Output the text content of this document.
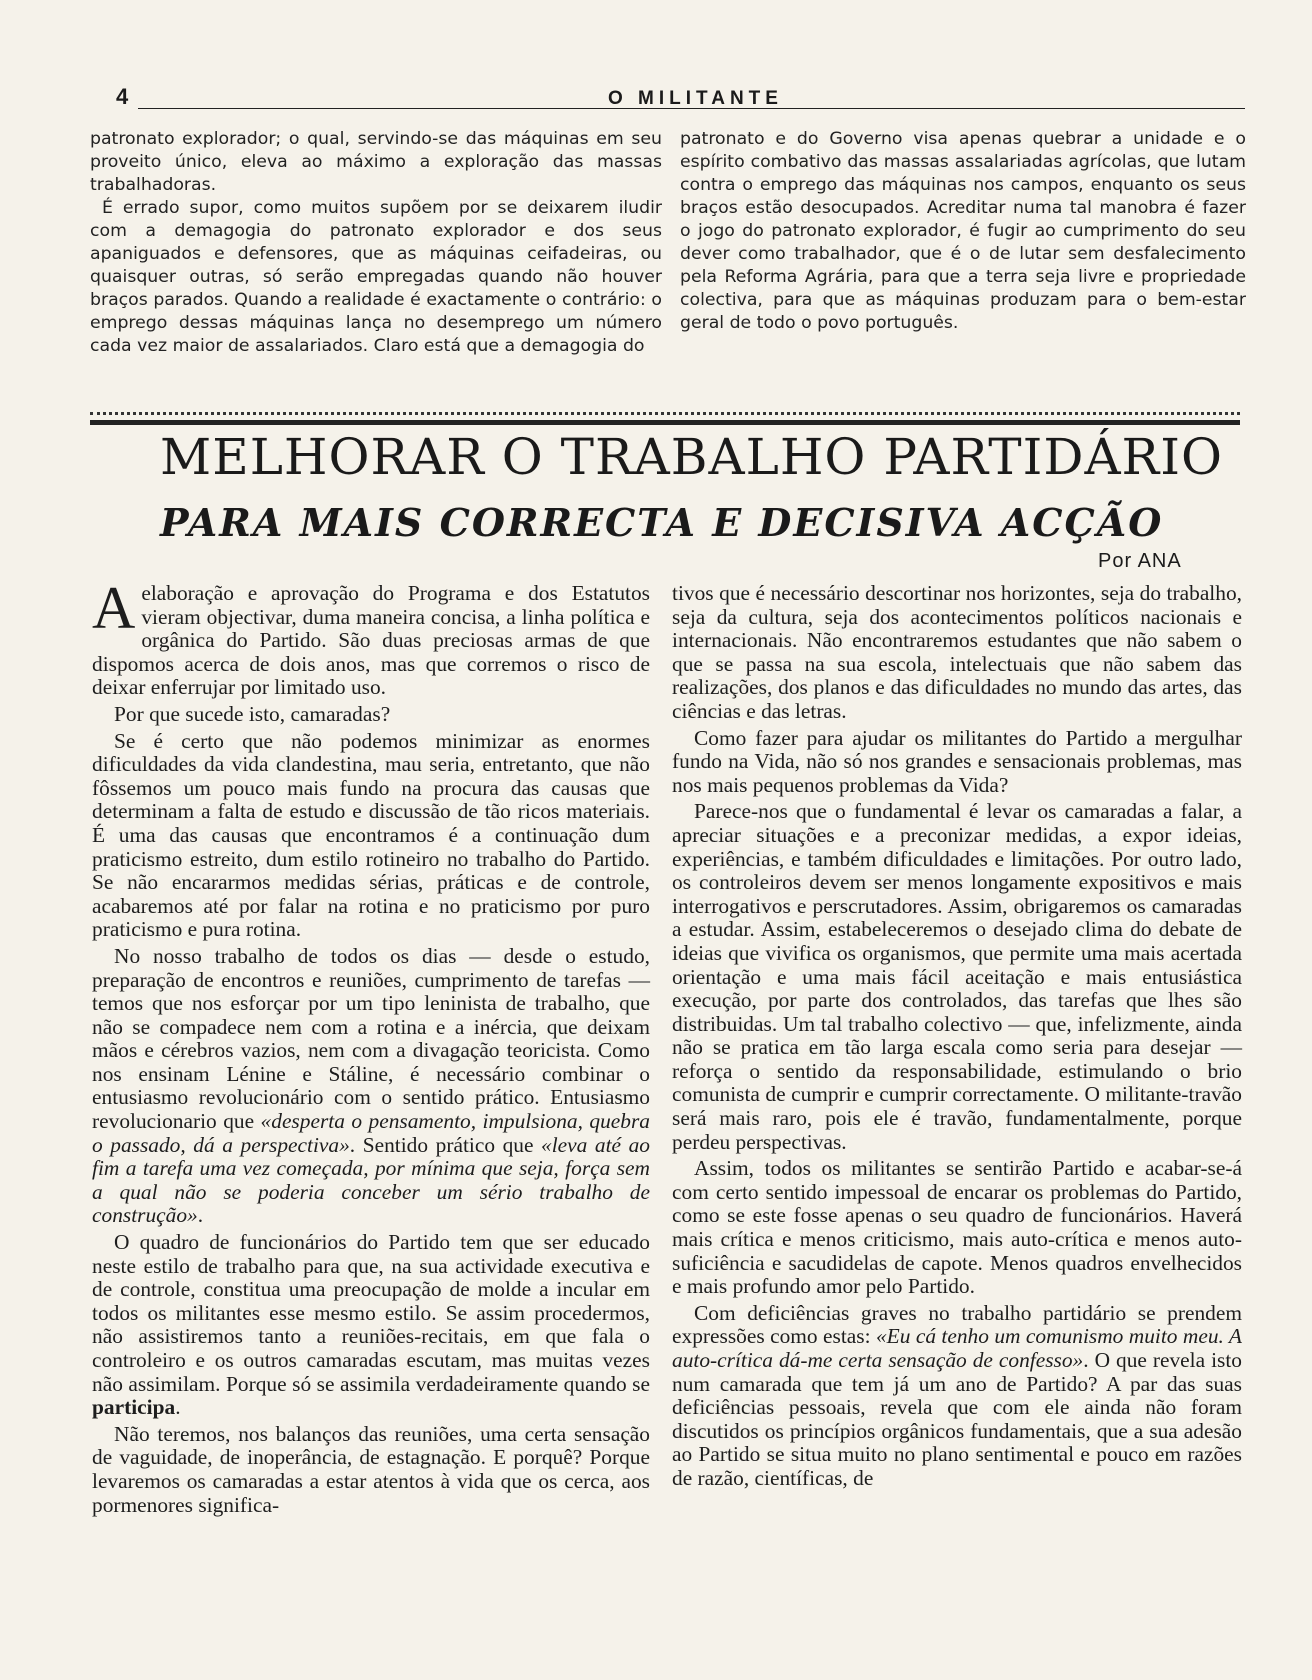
4	O MILITANTE

patronato explorador; o qual, servindo-se das máquinas em seu proveito único, eleva ao máximo a exploração das massas trabalhadoras.

É errado supor, como muitos supõem por se deixarem iludir com a demagogia do patronato explorador e dos seus apaniguados e defensores, que as máquinas ceifadeiras, ou quaisquer outras, só serão empregadas quando não houver braços parados. Quando a realidade é exactamente o contrário: o emprego dessas máquinas lança no desemprego um número cada vez maior de assalariados. Claro está que a demagogia do

patronato e do Governo visa apenas quebrar a unidade e o espírito combativo das massas assalariadas agrícolas, que lutam contra o emprego das máquinas nos campos, enquanto os seus braços estão desocupados. Acreditar numa tal manobra é fazer o jogo do patronato explorador, é fugir ao cumprimento do seu dever como trabalhador, que é o de lutar sem desfalecimento pela Reforma Agrária, para que a terra seja livre e propriedade colectiva, para que as máquinas produzam para o bem-estar geral de todo o povo português.

MELHORAR O TRABALHO PARTIDÁRIO
PARA MAIS CORRECTA E DECISIVA ACÇÃO
Por ANA

Aelaboração e aprovação do Programa e dos Estatutos vieram objectivar, duma maneira concisa, a linha política e orgânica do Partido. São duas preciosas armas de que dispomos acerca de dois anos, mas que corremos o risco de deixar enferrujar por limitado uso.

Por que sucede isto, camaradas?

Se é certo que não podemos minimizar as enormes dificuldades da vida clandestina, mau seria, entretanto, que não fôssemos um pouco mais fundo na procura das causas que determinam a falta de estudo e discussão de tão ricos materiais. É uma das causas que encontramos é a continuação dum praticismo estreito, dum estilo rotineiro no trabalho do Partido. Se não encararmos medidas sérias, práticas e de controle, acabaremos até por falar na rotina e no praticismo por puro praticismo e pura rotina.

No nosso trabalho de todos os dias — desde o estudo, preparação de encontros e reuniões, cumprimento de tarefas — temos que nos esforçar por um tipo leninista de trabalho, que não se compadece nem com a rotina e a inércia, que deixam mãos e cérebros vazios, nem com a divagação teoricista. Como nos ensinam Lénine e Stáline, é necessário combinar o entusiasmo revolucionário com o sentido prático. Entusiasmo revolucionario que «desperta o pensamento, impulsiona, quebra o passado, dá a perspectiva». Sentido prático que «leva até ao fim a tarefa uma vez começada, por mínima que seja, força sem a qual não se poderia conceber um sério trabalho de construção».

O quadro de funcionários do Partido tem que ser educado neste estilo de trabalho para que, na sua actividade executiva e de controle, constitua uma preocupação de molde a incular em todos os militantes esse mesmo estilo. Se assim procedermos, não assistiremos tanto a reuniões-recitais, em que fala o controleiro e os outros camaradas escutam, mas muitas vezes não assimilam. Porque só se assimila verdadeiramente quando se participa.

Não teremos, nos balanços das reuniões, uma certa sensação de vaguidade, de inoperância, de estagnação. E porquê? Porque levaremos os camaradas a estar atentos à vida que os cerca, aos pormenores significa-

tivos que é necessário descortinar nos horizontes, seja do trabalho, seja da cultura, seja dos acontecimentos políticos nacionais e internacionais. Não encontraremos estudantes que não sabem o que se passa na sua escola, intelectuais que não sabem das realizações, dos planos e das dificuldades no mundo das artes, das ciências e das letras.

Como fazer para ajudar os militantes do Partido a mergulhar fundo na Vida, não só nos grandes e sensacionais problemas, mas nos mais pequenos problemas da Vida?

Parece-nos que o fundamental é levar os camaradas a falar, a apreciar situações e a preconizar medidas, a expor ideias, experiências, e também dificuldades e limitações. Por outro lado, os controleiros devem ser menos longamente expositivos e mais interrogativos e perscrutadores. Assim, obrigaremos os camaradas a estudar. Assim, estabeleceremos o desejado clima do debate de ideias que vivifica os organismos, que permite uma mais acertada orientação e uma mais fácil aceitação e mais entusiástica execução, por parte dos controlados, das tarefas que lhes são distribuidas. Um tal trabalho colectivo — que, infelizmente, ainda não se pratica em tão larga escala como seria para desejar — reforça o sentido da responsabilidade, estimulando o brio comunista de cumprir e cumprir correctamente. O militante-travão será mais raro, pois ele é travão, fundamentalmente, porque perdeu perspectivas.

Assim, todos os militantes se sentirão Partido e acabar-se-á com certo sentido impessoal de encarar os problemas do Partido, como se este fosse apenas o seu quadro de funcionários. Haverá mais crítica e menos criticismo, mais auto-crítica e menos auto-suficiência e sacudidelas de capote. Menos quadros envelhecidos e mais profundo amor pelo Partido.

Com deficiências graves no trabalho partidário se prendem expressões como estas: «Eu cá tenho um comunismo muito meu. A auto-crítica dá-me certa sensação de confesso». O que revela isto num camarada que tem já um ano de Partido? A par das suas deficiências pessoais, revela que com ele ainda não foram discutidos os princípios orgânicos fundamentais, que a sua adesão ao Partido se situa muito no plano sentimental e pouco em razões de razão, científicas, de
